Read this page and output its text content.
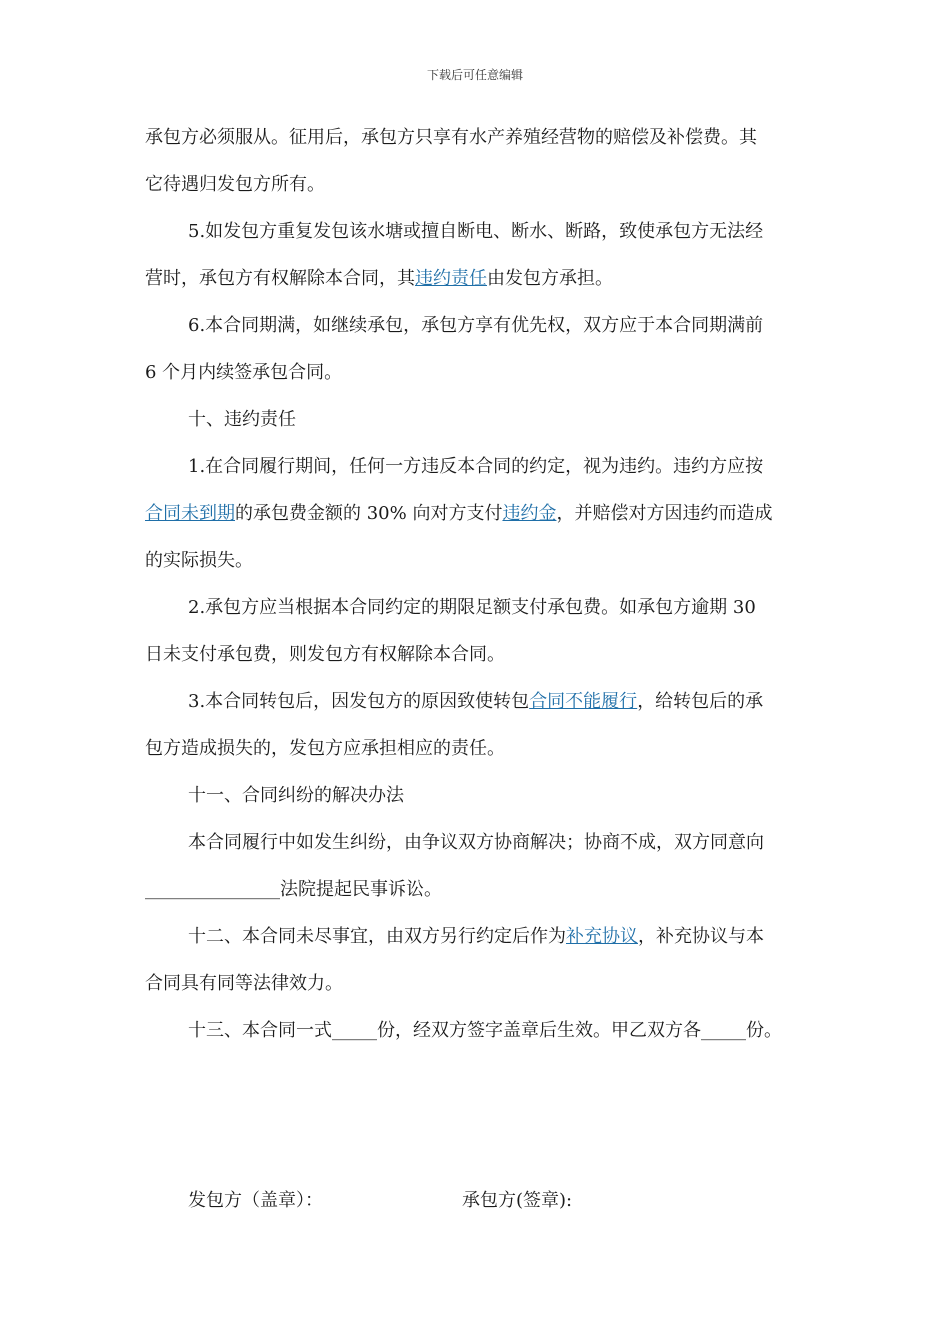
下载后可任意编辑
承包方必须服从。征用后，承包方只享有水产养殖经营物的赔偿及补偿费。其
它待遇归发包方所有。
5.如发包方重复发包该水塘或擅自断电、断水、断路，致使承包方无法经
营时，承包方有权解除本合同，其违约责任由发包方承担。
6.本合同期满，如继续承包，承包方享有优先权，双方应于本合同期满前
6 个月内续签承包合同。
十、违约责任
1.在合同履行期间，任何一方违反本合同的约定，视为违约。违约方应按
合同未到期的承包费金额的 30% 向对方支付违约金，并赔偿对方因违约而造成
的实际损失。
2.承包方应当根据本合同约定的期限足额支付承包费。如承包方逾期 30
日未支付承包费，则发包方有权解除本合同。
3.本合同转包后，因发包方的原因致使转包合同不能履行，给转包后的承
包方造成损失的，发包方应承担相应的责任。
十一、合同纠纷的解决办法
本合同履行中如发生纠纷，由争议双方协商解决；协商不成，双方同意向
_______________法院提起民事诉讼。
十二、本合同未尽事宜，由双方另行约定后作为补充协议，补充协议与本
合同具有同等法律效力。
十三、本合同一式_____份，经双方签字盖章后生效。甲乙双方各_____份。
发包方（盖章）：	承包方(签章):
